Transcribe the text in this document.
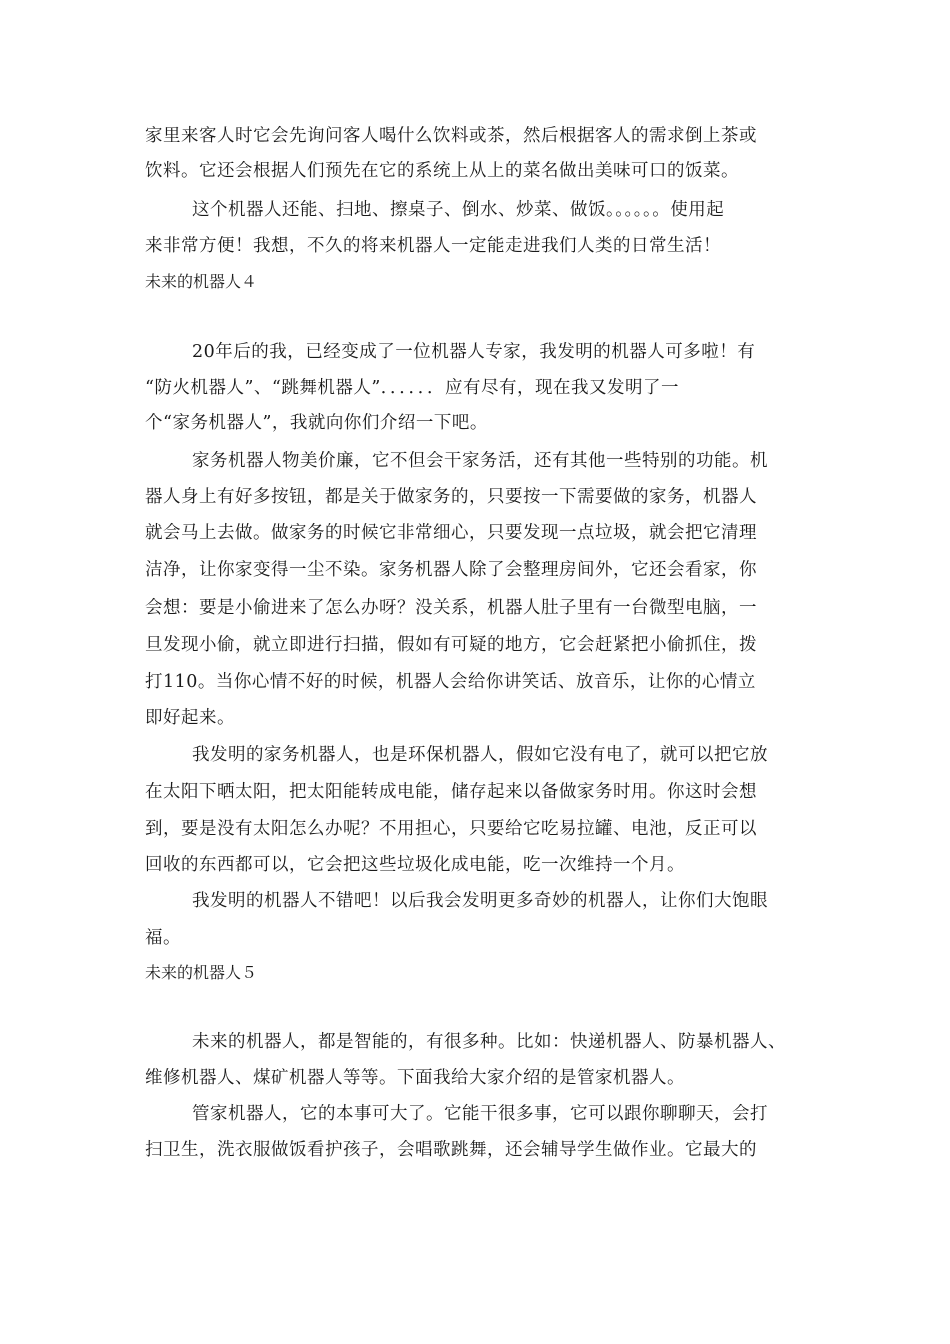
家里来客人时它会先询问客人喝什么饮料或茶，然后根据客人的需求倒上茶或
饮料。它还会根据人们预先在它的系统上从上的菜名做出美味可口的饭菜。
这个机器人还能、扫地、擦桌子、倒水、炒菜、做饭。。。。。。使用起
来非常方便！我想，不久的将来机器人一定能走进我们人类的日常生活！
未来的机器人４
20年后的我，已经变成了一位机器人专家，我发明的机器人可多啦！有
“防火机器人”、“跳舞机器人”．．．．．．应有尽有，现在我又发明了一
个“家务机器人”，我就向你们介绍一下吧。
家务机器人物美价廉，它不但会干家务活，还有其他一些特别的功能。机
器人身上有好多按钮，都是关于做家务的，只要按一下需要做的家务，机器人
就会马上去做。做家务的时候它非常细心，只要发现一点垃圾，就会把它清理
洁净，让你家变得一尘不染。家务机器人除了会整理房间外，它还会看家，你
会想：要是小偷进来了怎么办呀？没关系，机器人肚子里有一台微型电脑，一
旦发现小偷，就立即进行扫描，假如有可疑的地方，它会赶紧把小偷抓住，拨
打110。当你心情不好的时候，机器人会给你讲笑话、放音乐，让你的心情立
即好起来。
我发明的家务机器人，也是环保机器人，假如它没有电了，就可以把它放
在太阳下晒太阳，把太阳能转成电能，储存起来以备做家务时用。你这时会想
到，要是没有太阳怎么办呢？不用担心，只要给它吃易拉罐、电池，反正可以
回收的东西都可以，它会把这些垃圾化成电能，吃一次维持一个月。
我发明的机器人不错吧！以后我会发明更多奇妙的机器人，让你们大饱眼
福。
未来的机器人５
未来的机器人，都是智能的，有很多种。比如：快递机器人、防暴机器人、
维修机器人、煤矿机器人等等。下面我给大家介绍的是管家机器人。
管家机器人，它的本事可大了。它能干很多事，它可以跟你聊聊天，会打
扫卫生，洗衣服做饭看护孩子，会唱歌跳舞，还会辅导学生做作业。它最大的
